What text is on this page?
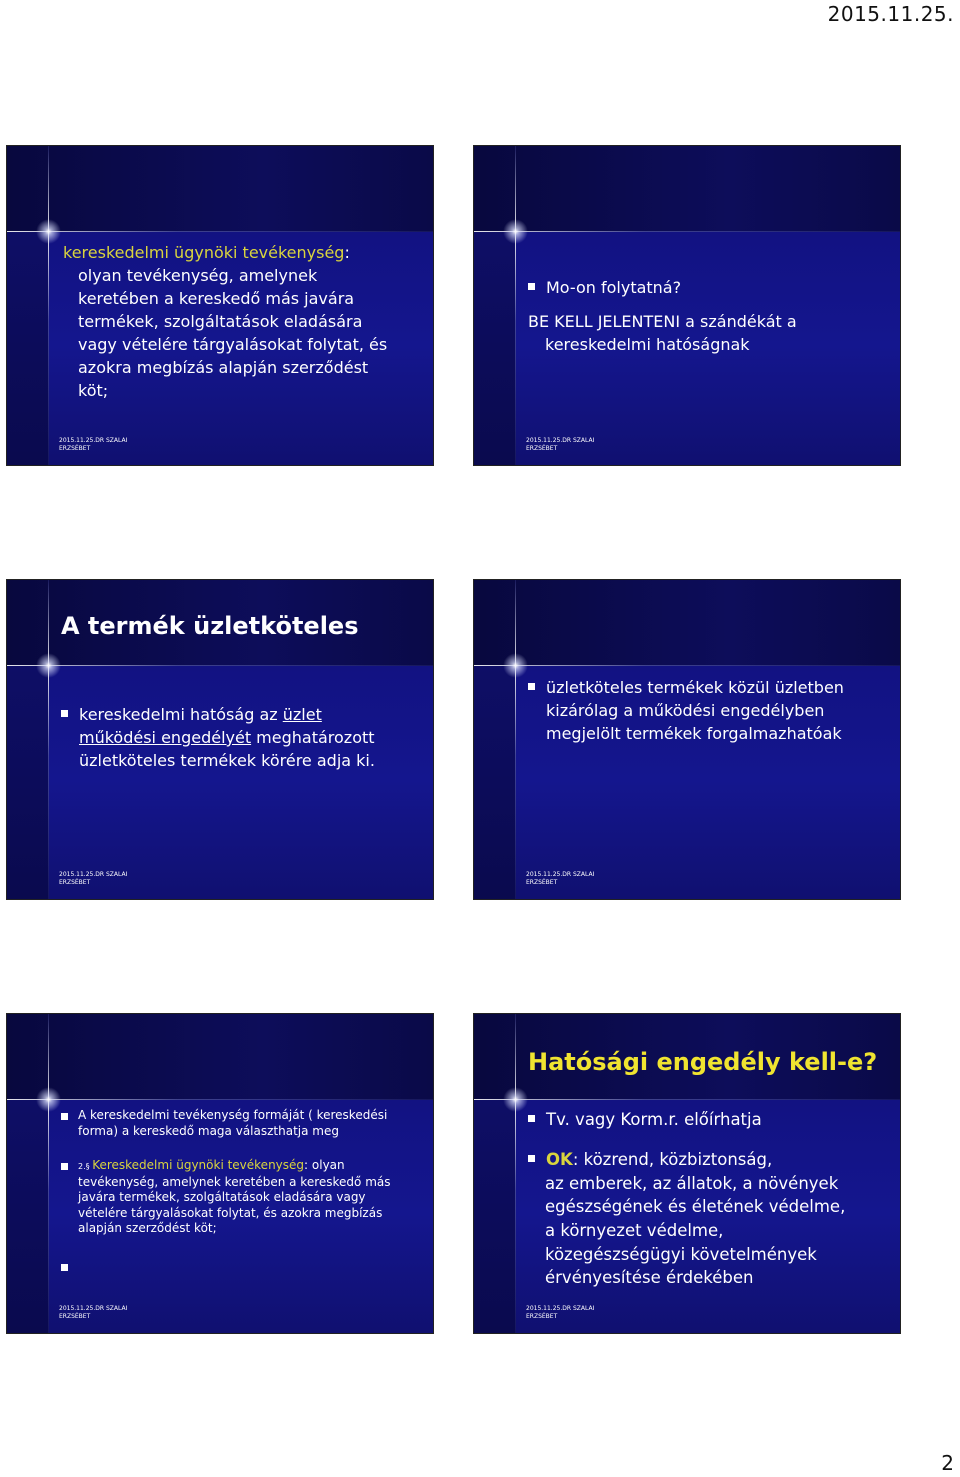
2015.11.25.
kereskedelmi ügynöki tevékenység:
olyan tevékenység, amelynek
keretében a kereskedő más javára
termékek, szolgáltatások eladására
vagy vételére tárgyalásokat folytat, és
azokra megbízás alapján szerződést
köt;
2015.11.25.DR SZALAI
ERZSÉBET
Mo-on folytatná?
BE KELL JELENTENI a szándékát a
kereskedelmi hatóságnak
2015.11.25.DR SZALAI
ERZSÉBET
A termék üzletköteles
kereskedelmi hatóság az üzlet
működési engedélyét meghatározott
üzletköteles termékek körére adja ki.
2015.11.25.DR SZALAI
ERZSÉBET
üzletköteles termékek közül üzletben kizárólag a működési engedélyben megjelölt termékek forgalmazhatóak
2015.11.25.DR SZALAI
ERZSÉBET
A kereskedelmi tevékenység formáját ( kereskedési forma) a kereskedő maga választhatja meg
2.§ Kereskedelmi ügynöki tevékenység: olyan tevékenység, amelynek keretében a kereskedő más javára termékek, szolgáltatások eladására vagy vételére tárgyalásokat folytat, és azokra megbízás alapján szerződést köt;
2015.11.25.DR SZALAI
ERZSÉBET
Hatósági engedély kell-e?
Tv. vagy Korm.r. előírhatja
OK: közrend, közbiztonság,
az emberek, az állatok, a növények
egészségének és életének védelme,
a környezet védelme,
közegészségügyi követelmények
érvényesítése érdekében
2015.11.25.DR SZALAI
ERZSÉBET
2
